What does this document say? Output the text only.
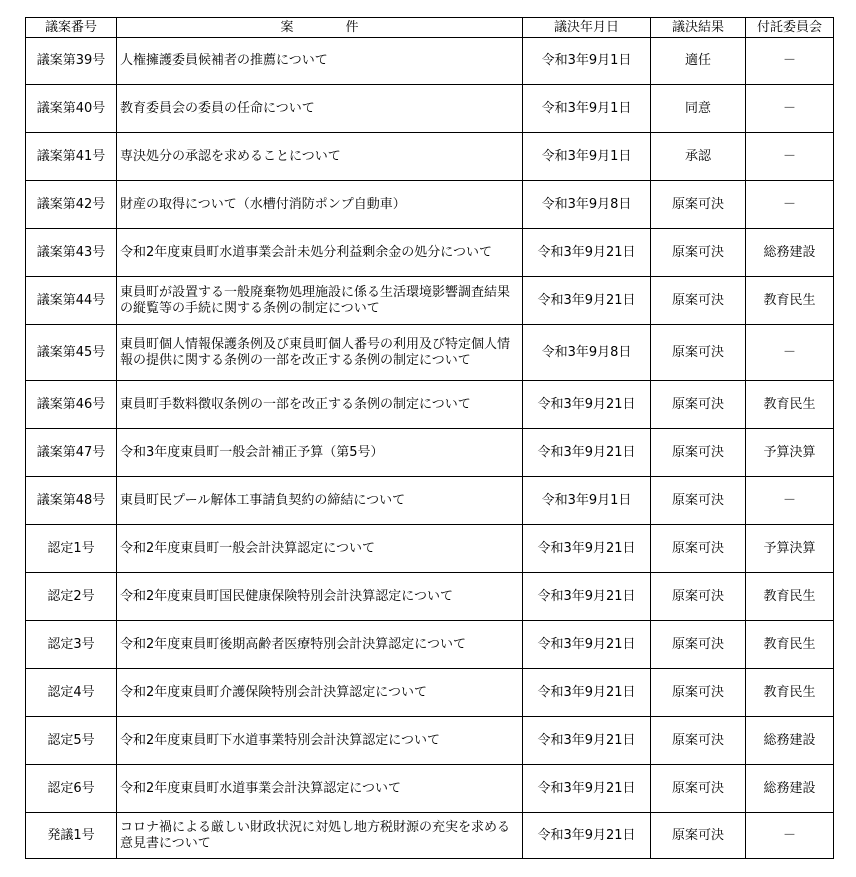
議案番号	案　　　　件	議決年月日	議決結果	付託委員会
議案第39号	人権擁護委員候補者の推薦について	令和3年9月1日	適任	－
議案第40号	教育委員会の委員の任命について	令和3年9月1日	同意	－
議案第41号	専決処分の承認を求めることについて	令和3年9月1日	承認	－
議案第42号	財産の取得について（水槽付消防ポンプ自動車）	令和3年9月8日	原案可決	－
議案第43号	令和2年度東員町水道事業会計未処分利益剰余金の処分について	令和3年9月21日	原案可決	総務建設
議案第44号	東員町が設置する一般廃棄物処理施設に係る生活環境影響調査結果の縦覧等の手続に関する条例の制定について	令和3年9月21日	原案可決	教育民生
議案第45号	東員町個人情報保護条例及び東員町個人番号の利用及び特定個人情報の提供に関する条例の一部を改正する条例の制定について	令和3年9月8日	原案可決	－
議案第46号	東員町手数料徴収条例の一部を改正する条例の制定について	令和3年9月21日	原案可決	教育民生
議案第47号	令和3年度東員町一般会計補正予算（第5号）	令和3年9月21日	原案可決	予算決算
議案第48号	東員町民プール解体工事請負契約の締結について	令和3年9月1日	原案可決	－
認定1号	令和2年度東員町一般会計決算認定について	令和3年9月21日	原案可決	予算決算
認定2号	令和2年度東員町国民健康保険特別会計決算認定について	令和3年9月21日	原案可決	教育民生
認定3号	令和2年度東員町後期高齢者医療特別会計決算認定について	令和3年9月21日	原案可決	教育民生
認定4号	令和2年度東員町介護保険特別会計決算認定について	令和3年9月21日	原案可決	教育民生
認定5号	令和2年度東員町下水道事業特別会計決算認定について	令和3年9月21日	原案可決	総務建設
認定6号	令和2年度東員町水道事業会計決算認定について	令和3年9月21日	原案可決	総務建設
発議1号	コロナ禍による厳しい財政状況に対処し地方税財源の充実を求める意見書について	令和3年9月21日	原案可決	－
